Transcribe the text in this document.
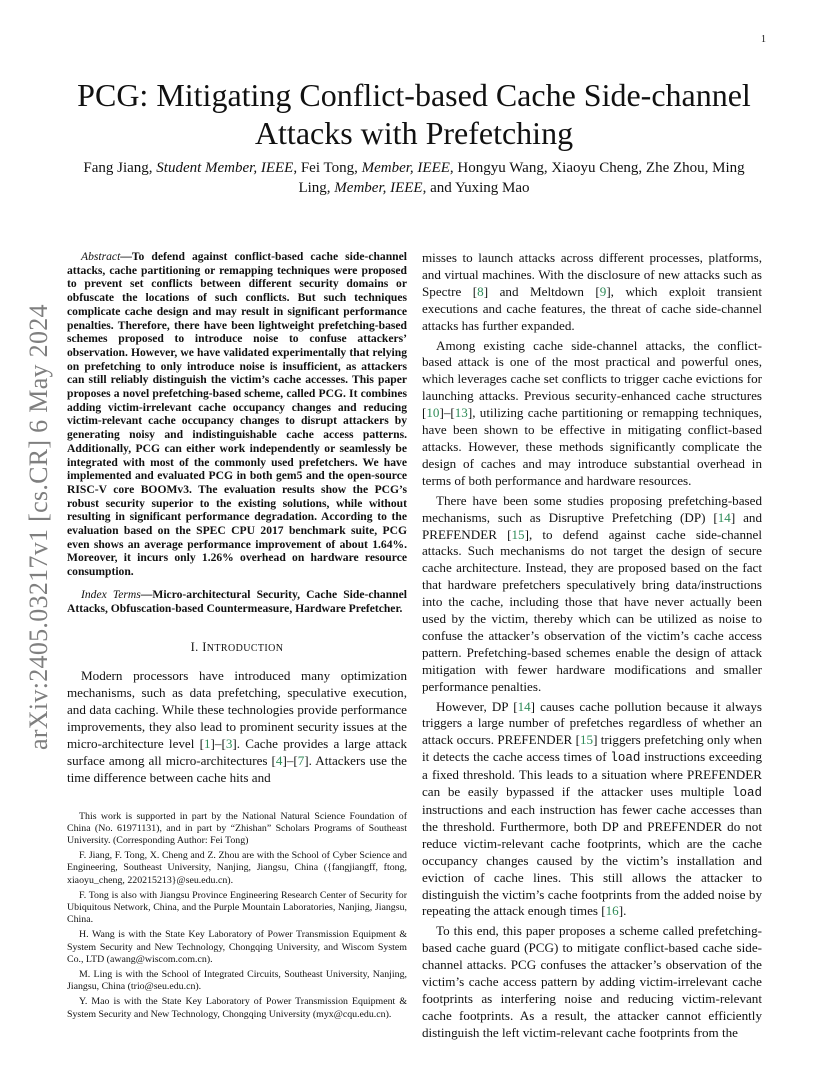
1
arXiv:2405.03217v1 [cs.CR] 6 May 2024
PCG: Mitigating Conflict-based Cache Side-channel
Attacks with Prefetching
Fang Jiang, Student Member, IEEE, Fei Tong, Member, IEEE, Hongyu Wang, Xiaoyu Cheng, Zhe Zhou, Ming
Ling, Member, IEEE, and Yuxing Mao

Abstract—To defend against conflict-based cache side-channel attacks, cache partitioning or remapping techniques were proposed to prevent set conflicts between different security domains or obfuscate the locations of such conflicts. But such techniques complicate cache design and may result in significant performance penalties. Therefore, there have been lightweight prefetching-based schemes proposed to introduce noise to confuse attackers’ observation. However, we have validated experimentally that relying on prefetching to only introduce noise is insufficient, as attackers can still reliably distinguish the victim’s cache accesses. This paper proposes a novel prefetching-based scheme, called PCG. It combines adding victim-irrelevant cache occupancy changes and reducing victim-relevant cache occupancy changes to disrupt attackers by generating noisy and indistinguishable cache access patterns. Additionally, PCG can either work independently or seamlessly be integrated with most of the commonly used prefetchers. We have implemented and evaluated PCG in both gem5 and the open-source RISC-V core BOOMv3. The evaluation results show the PCG’s robust security superior to the existing solutions, while without resulting in significant performance degradation. According to the evaluation based on the SPEC CPU 2017 benchmark suite, PCG even shows an average performance improvement of about 1.64%. Moreover, it incurs only 1.26% overhead on hardware resource consumption.

Index Terms—Micro-architectural Security, Cache Side-channel Attacks, Obfuscation-based Countermeasure, Hardware Prefetcher.

I. INTRODUCTION

Modern processors have introduced many optimization mechanisms, such as data prefetching, speculative execution, and data caching. While these technologies provide performance improvements, they also lead to prominent security issues at the micro-architecture level [1]–[3]. Cache provides a large attack surface among all micro-architectures [4]–[7]. Attackers use the time difference between cache hits and

This work is supported in part by the National Natural Science Foundation of China (No. 61971131), and in part by “Zhishan” Scholars Programs of Southeast University. (Corresponding Author: Fei Tong)

F. Jiang, F. Tong, X. Cheng and Z. Zhou are with the School of Cyber Science and Engineering, Southeast University, Nanjing, Jiangsu, China ({fangjiangff, ftong, xiaoyu_cheng, 220215213}@seu.edu.cn).

F. Tong is also with Jiangsu Province Engineering Research Center of Security for Ubiquitous Network, China, and the Purple Mountain Laboratories, Nanjing, Jiangsu, China.

H. Wang is with the State Key Laboratory of Power Transmission Equipment & System Security and New Technology, Chongqing University, and Wiscom System Co., LTD (awang@wiscom.com.cn).

M. Ling is with the School of Integrated Circuits, Southeast University, Nanjing, Jiangsu, China (trio@seu.edu.cn).

Y. Mao is with the State Key Laboratory of Power Transmission Equipment & System Security and New Technology, Chongqing University (myx@cqu.edu.cn).

misses to launch attacks across different processes, platforms, and virtual machines. With the disclosure of new attacks such as Spectre [8] and Meltdown [9], which exploit transient executions and cache features, the threat of cache side-channel attacks has further expanded.

Among existing cache side-channel attacks, the conflict-based attack is one of the most practical and powerful ones, which leverages cache set conflicts to trigger cache evictions for launching attacks. Previous security-enhanced cache structures [10]–[13], utilizing cache partitioning or remapping techniques, have been shown to be effective in mitigating conflict-based attacks. However, these methods significantly complicate the design of caches and may introduce substantial overhead in terms of both performance and hardware resources.

There have been some studies proposing prefetching-based mechanisms, such as Disruptive Prefetching (DP) [14] and PREFENDER [15], to defend against cache side-channel attacks. Such mechanisms do not target the design of secure cache architecture. Instead, they are proposed based on the fact that hardware prefetchers speculatively bring data/instructions into the cache, including those that have never actually been used by the victim, thereby which can be utilized as noise to confuse the attacker’s observation of the victim’s cache access pattern. Prefetching-based schemes enable the design of attack mitigation with fewer hardware modifications and smaller performance penalties.

However, DP [14] causes cache pollution because it always triggers a large number of prefetches regardless of whether an attack occurs. PREFENDER [15] triggers prefetching only when it detects the cache access times of load instructions exceeding a fixed threshold. This leads to a situation where PREFENDER can be easily bypassed if the attacker uses multiple load instructions and each instruction has fewer cache accesses than the threshold. Furthermore, both DP and PREFENDER do not reduce victim-relevant cache footprints, which are the cache occupancy changes caused by the victim’s installation and eviction of cache lines. This still allows the attacker to distinguish the victim’s cache footprints from the added noise by repeating the attack enough times [16].

To this end, this paper proposes a scheme called prefetching-based cache guard (PCG) to mitigate conflict-based cache side-channel attacks. PCG confuses the attacker’s observation of the victim’s cache access pattern by adding victim-irrelevant cache footprints as interfering noise and reducing victim-relevant cache footprints. As a result, the attacker cannot efficiently distinguish the left victim-relevant cache footprints from the
